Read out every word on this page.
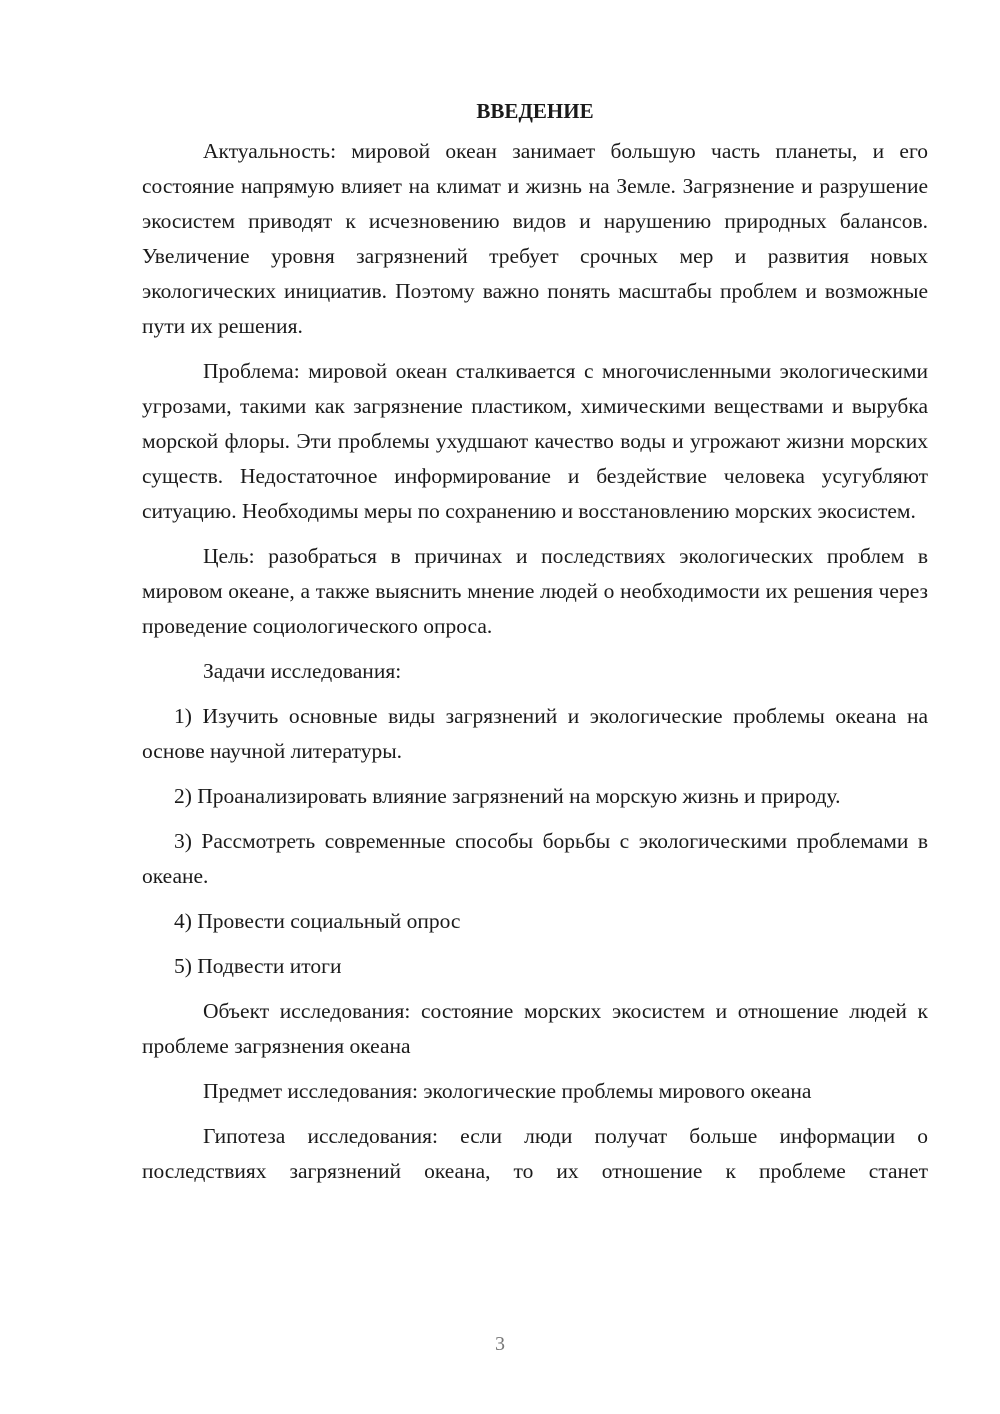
ВВЕДЕНИЕ

Актуальность: мировой океан занимает большую часть планеты, и его состояние напрямую влияет на климат и жизнь на Земле. Загрязнение и разрушение экосистем приводят к исчезновению видов и нарушению природных балансов. Увеличение уровня загрязнений требует срочных мер и развития новых экологических инициатив. Поэтому важно понять масштабы проблем и возможные пути их решения.

Проблема: мировой океан сталкивается с многочисленными экологическими угрозами, такими как загрязнение пластиком, химическими веществами и вырубка морской флоры. Эти проблемы ухудшают качество воды и угрожают жизни морских существ. Недостаточное информирование и бездействие человека усугубляют ситуацию. Необходимы меры по сохранению и восстановлению морских экосистем.

Цель: разобраться в причинах и последствиях экологических проблем в мировом океане, а также выяснить мнение людей о необходимости их решения через проведение социологического опроса.

Задачи исследования:

1) Изучить основные виды загрязнений и экологические проблемы океана на основе научной литературы.

2) Проанализировать влияние загрязнений на морскую жизнь и природу.

3) Рассмотреть современные способы борьбы с экологическими проблемами в океане.

4) Провести социальный опрос

5) Подвести итоги

Объект исследования: состояние морских экосистем и отношение людей к проблеме загрязнения океана

Предмет исследования: экологические проблемы мирового океана

Гипотеза исследования: если люди получат больше информации о последствиях загрязнений океана, то их отношение к проблеме станет

3
